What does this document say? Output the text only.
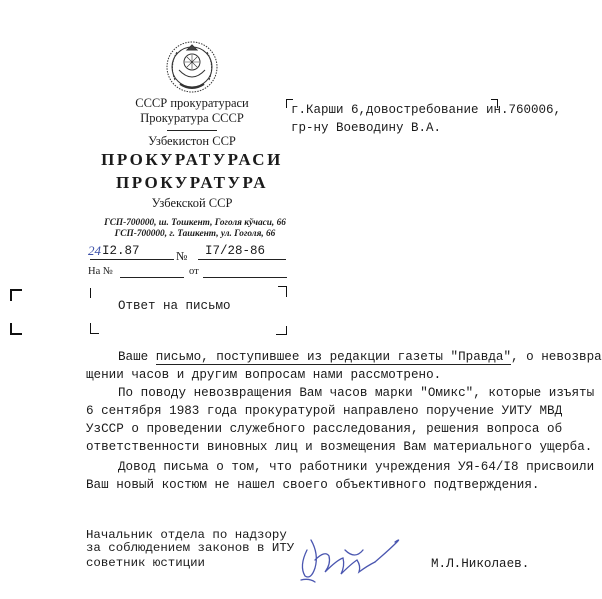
СССР прокуратураси
Прокуратура СССР
Узбекистон ССР
ПРОКУРАТУРАСИ
ПРОКУРАТУРА
Узбекской ССР
ГСП-700000, ш. Тошкент, Гоголя кўчаси, 66
ГСП-700000, г. Ташкент, ул. Гоголя, 66
24 I2.87	№ I7/28-86
На №	от
г.Карши 6,довостребование ин.760006,
гр-ну Воеводину В.А.
Ответ на письмо
Ваше письмо, поступившее из редакции газеты "Правда", о невозвра
щении часов и другим вопросам нами рассмотрено.
По поводу невозвращения Вам часов марки "Омикс", которые изъяты
6 сентября 1983 года прокуратурой направлено поручение УИТУ МВД
УзССР о проведении служебного расследования, решения вопроса об
ответственности виновных лиц и возмещения Вам материального ущерба.
Довод письма о том, что работники учреждения УЯ-64/I8 присвоили
Ваш новый костюм не нашел своего объективного подтверждения.
Начальник отдела по надзору
за соблюдением законов в ИТУ
советник юстиции	М.Л.Николаев.
